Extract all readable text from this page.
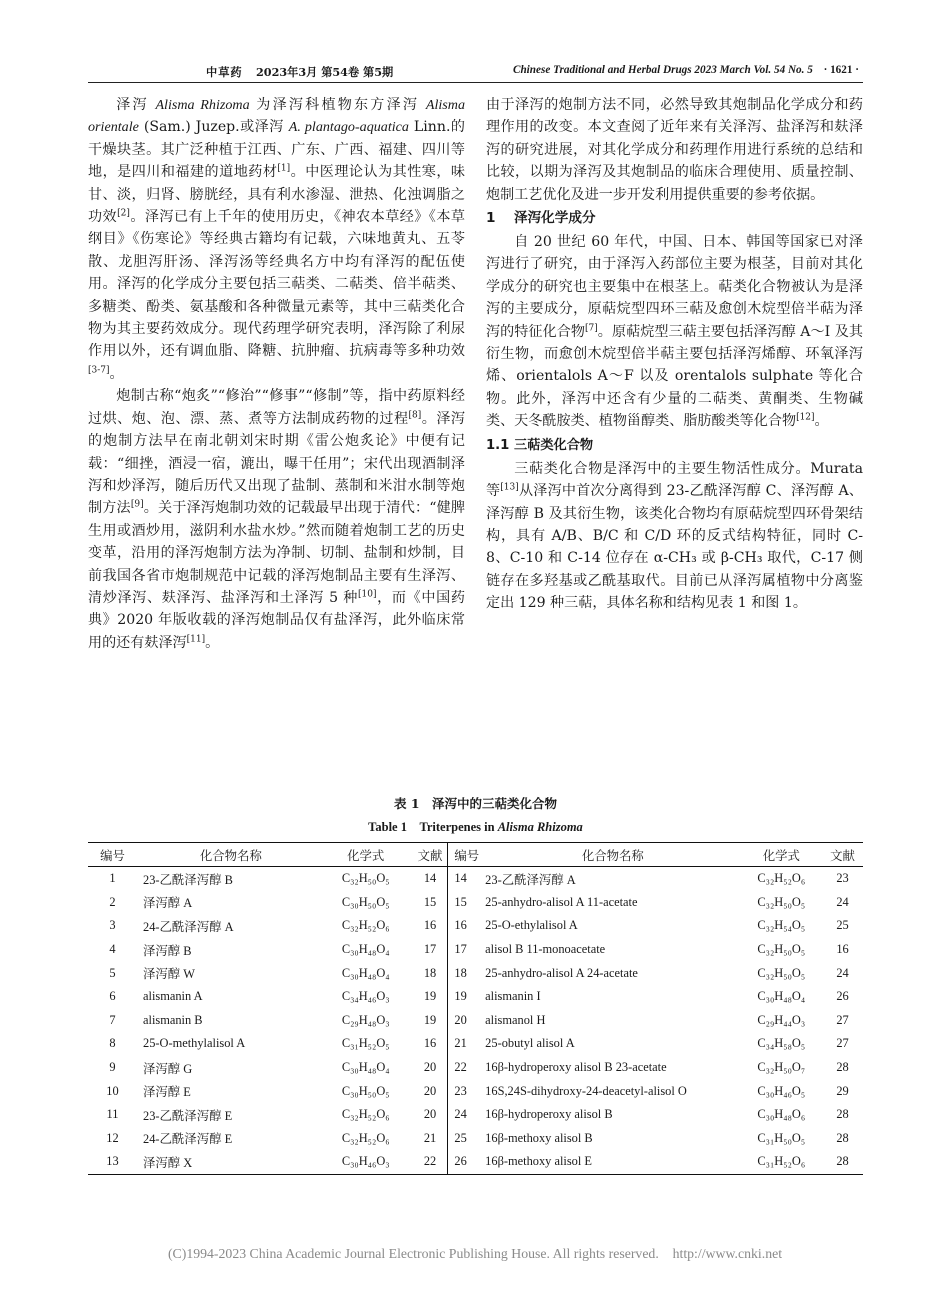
中草药 2023年3月 第54卷 第5期	Chinese Traditional and Herbal Drugs 2023 March Vol. 54 No. 5 · 1621 ·

泽泻 Alisma Rhizoma 为泽泻科植物东方泽泻 Alisma orientale (Sam.) Juzep.或泽泻 A. plantago-aquatica Linn.的干燥块茎。其广泛种植于江西、广东、广西、福建、四川等地，是四川和福建的道地药材[1]。中医理论认为其性寒，味甘、淡，归肾、膀胱经，具有利水渗湿、泄热、化浊调脂之功效[2]。泽泻已有上千年的使用历史，《神农本草经》《本草纲目》《伤寒论》等经典古籍均有记载，六味地黄丸、五苓散、龙胆泻肝汤、泽泻汤等经典名方中均有泽泻的配伍使用。泽泻的化学成分主要包括三萜类、二萜类、倍半萜类、多糖类、酚类、氨基酸和各种微量元素等，其中三萜类化合物为其主要药效成分。现代药理学研究表明，泽泻除了利尿作用以外，还有调血脂、降糖、抗肿瘤、抗病毒等多种功效[3-7]。

炮制古称“炮炙”“修治”“修事”“修制”等，指中药原料经过烘、炮、泡、漂、蒸、煮等方法制成药物的过程[8]。泽泻的炮制方法早在南北朝刘宋时期《雷公炮炙论》中便有记载：“细挫，酒浸一宿，漉出，曝干任用”；宋代出现酒制泽泻和炒泽泻，随后历代又出现了盐制、蒸制和米泔水制等炮制方法[9]。关于泽泻炮制功效的记载最早出现于清代：“健脾生用或酒炒用，滋阴利水盐水炒。”然而随着炮制工艺的历史变革，沿用的泽泻炮制方法为净制、切制、盐制和炒制，目前我国各省市炮制规范中记载的泽泻炮制品主要有生泽泻、清炒泽泻、麸泽泻、盐泽泻和土泽泻 5 种[10]，而《中国药典》2020 年版收载的泽泻炮制品仅有盐泽泻，此外临床常用的还有麸泽泻[11]。

由于泽泻的炮制方法不同，必然导致其炮制品化学成分和药理作用的改变。本文查阅了近年来有关泽泻、盐泽泻和麸泽泻的研究进展，对其化学成分和药理作用进行系统的总结和比较，以期为泽泻及其炮制品的临床合理使用、质量控制、炮制工艺优化及进一步开发利用提供重要的参考依据。

1 泽泻化学成分

自 20 世纪 60 年代，中国、日本、韩国等国家已对泽泻进行了研究，由于泽泻入药部位主要为根茎，目前对其化学成分的研究也主要集中在根茎上。萜类化合物被认为是泽泻的主要成分，原萜烷型四环三萜及愈创木烷型倍半萜为泽泻的特征化合物[7]。原萜烷型三萜主要包括泽泻醇 A～I 及其衍生物，而愈创木烷型倍半萜主要包括泽泻烯醇、环氧泽泻烯、orientalols A～F 以及 orentalols sulphate 等化合物。此外，泽泻中还含有少量的二萜类、黄酮类、生物碱类、天冬酰胺类、植物甾醇类、脂肪酸类等化合物[12]。

1.1 三萜类化合物

三萜类化合物是泽泻中的主要生物活性成分。Murata 等[13]从泽泻中首次分离得到 23-乙酰泽泻醇 C、泽泻醇 A、泽泻醇 B 及其衍生物，该类化合物均有原萜烷型四环骨架结构，具有 A/B、B/C 和 C/D 环的反式结构特征，同时 C-8、C-10 和 C-14 位存在 α-CH₃ 或 β-CH₃ 取代，C-17 侧链存在多羟基或乙酰基取代。目前已从泽泻属植物中分离鉴定出 129 种三萜，具体名称和结构见表 1 和图 1。

表 1　泽泻中的三萜类化合物
Table 1　Triterpenes in Alisma Rhizoma
编号	化合物名称	化学式	文献	编号	化合物名称	化学式	文献
1	23-乙酰泽泻醇 B	C₃₂H₅₀O₅	14	14	23-乙酰泽泻醇 A	C₃₂H₅₂O₆	23
2	泽泻醇 A	C₃₀H₅₀O₅	15	15	25-anhydro-alisol A 11-acetate	C₃₂H₅₀O₅	24
3	24-乙酰泽泻醇 A	C₃₂H₅₂O₆	16	16	25-O-ethylalisol A	C₃₂H₅₄O₅	25
4	泽泻醇 B	C₃₀H₄₈O₄	17	17	alisol B 11-monoacetate	C₃₂H₅₀O₅	16
5	泽泻醇 W	C₃₀H₄₈O₄	18	18	25-anhydro-alisol A 24-acetate	C₃₂H₅₀O₅	24
6	alismanin A	C₃₄H₄₆O₃	19	19	alismanin I	C₃₀H₄₈O₄	26
7	alismanin B	C₂₉H₄₈O₃	19	20	alismanol H	C₂₉H₄₄O₃	27
8	25-O-methylalisol A	C₃₁H₅₂O₅	16	21	25-obutyl alisol A	C₃₄H₅₈O₅	27
9	泽泻醇 G	C₃₀H₄₈O₄	20	22	16β-hydroperoxy alisol B 23-acetate	C₃₂H₅₀O₇	28
10	泽泻醇 E	C₃₀H₅₀O₅	20	23	16S,24S-dihydroxy-24-deacetyl-alisol O	C₃₀H₄₆O₅	29
11	23-乙酰泽泻醇 E	C₃₂H₅₂O₆	20	24	16β-hydroperoxy alisol B	C₃₀H₄₈O₆	28
12	24-乙酰泽泻醇 E	C₃₂H₅₂O₆	21	25	16β-methoxy alisol B	C₃₁H₅₀O₅	28
13	泽泻醇 X	C₃₀H₄₆O₃	22	26	16β-methoxy alisol E	C₃₁H₅₂O₆	28
(C)1994-2023 China Academic Journal Electronic Publishing House. All rights reserved.　http://www.cnki.net
